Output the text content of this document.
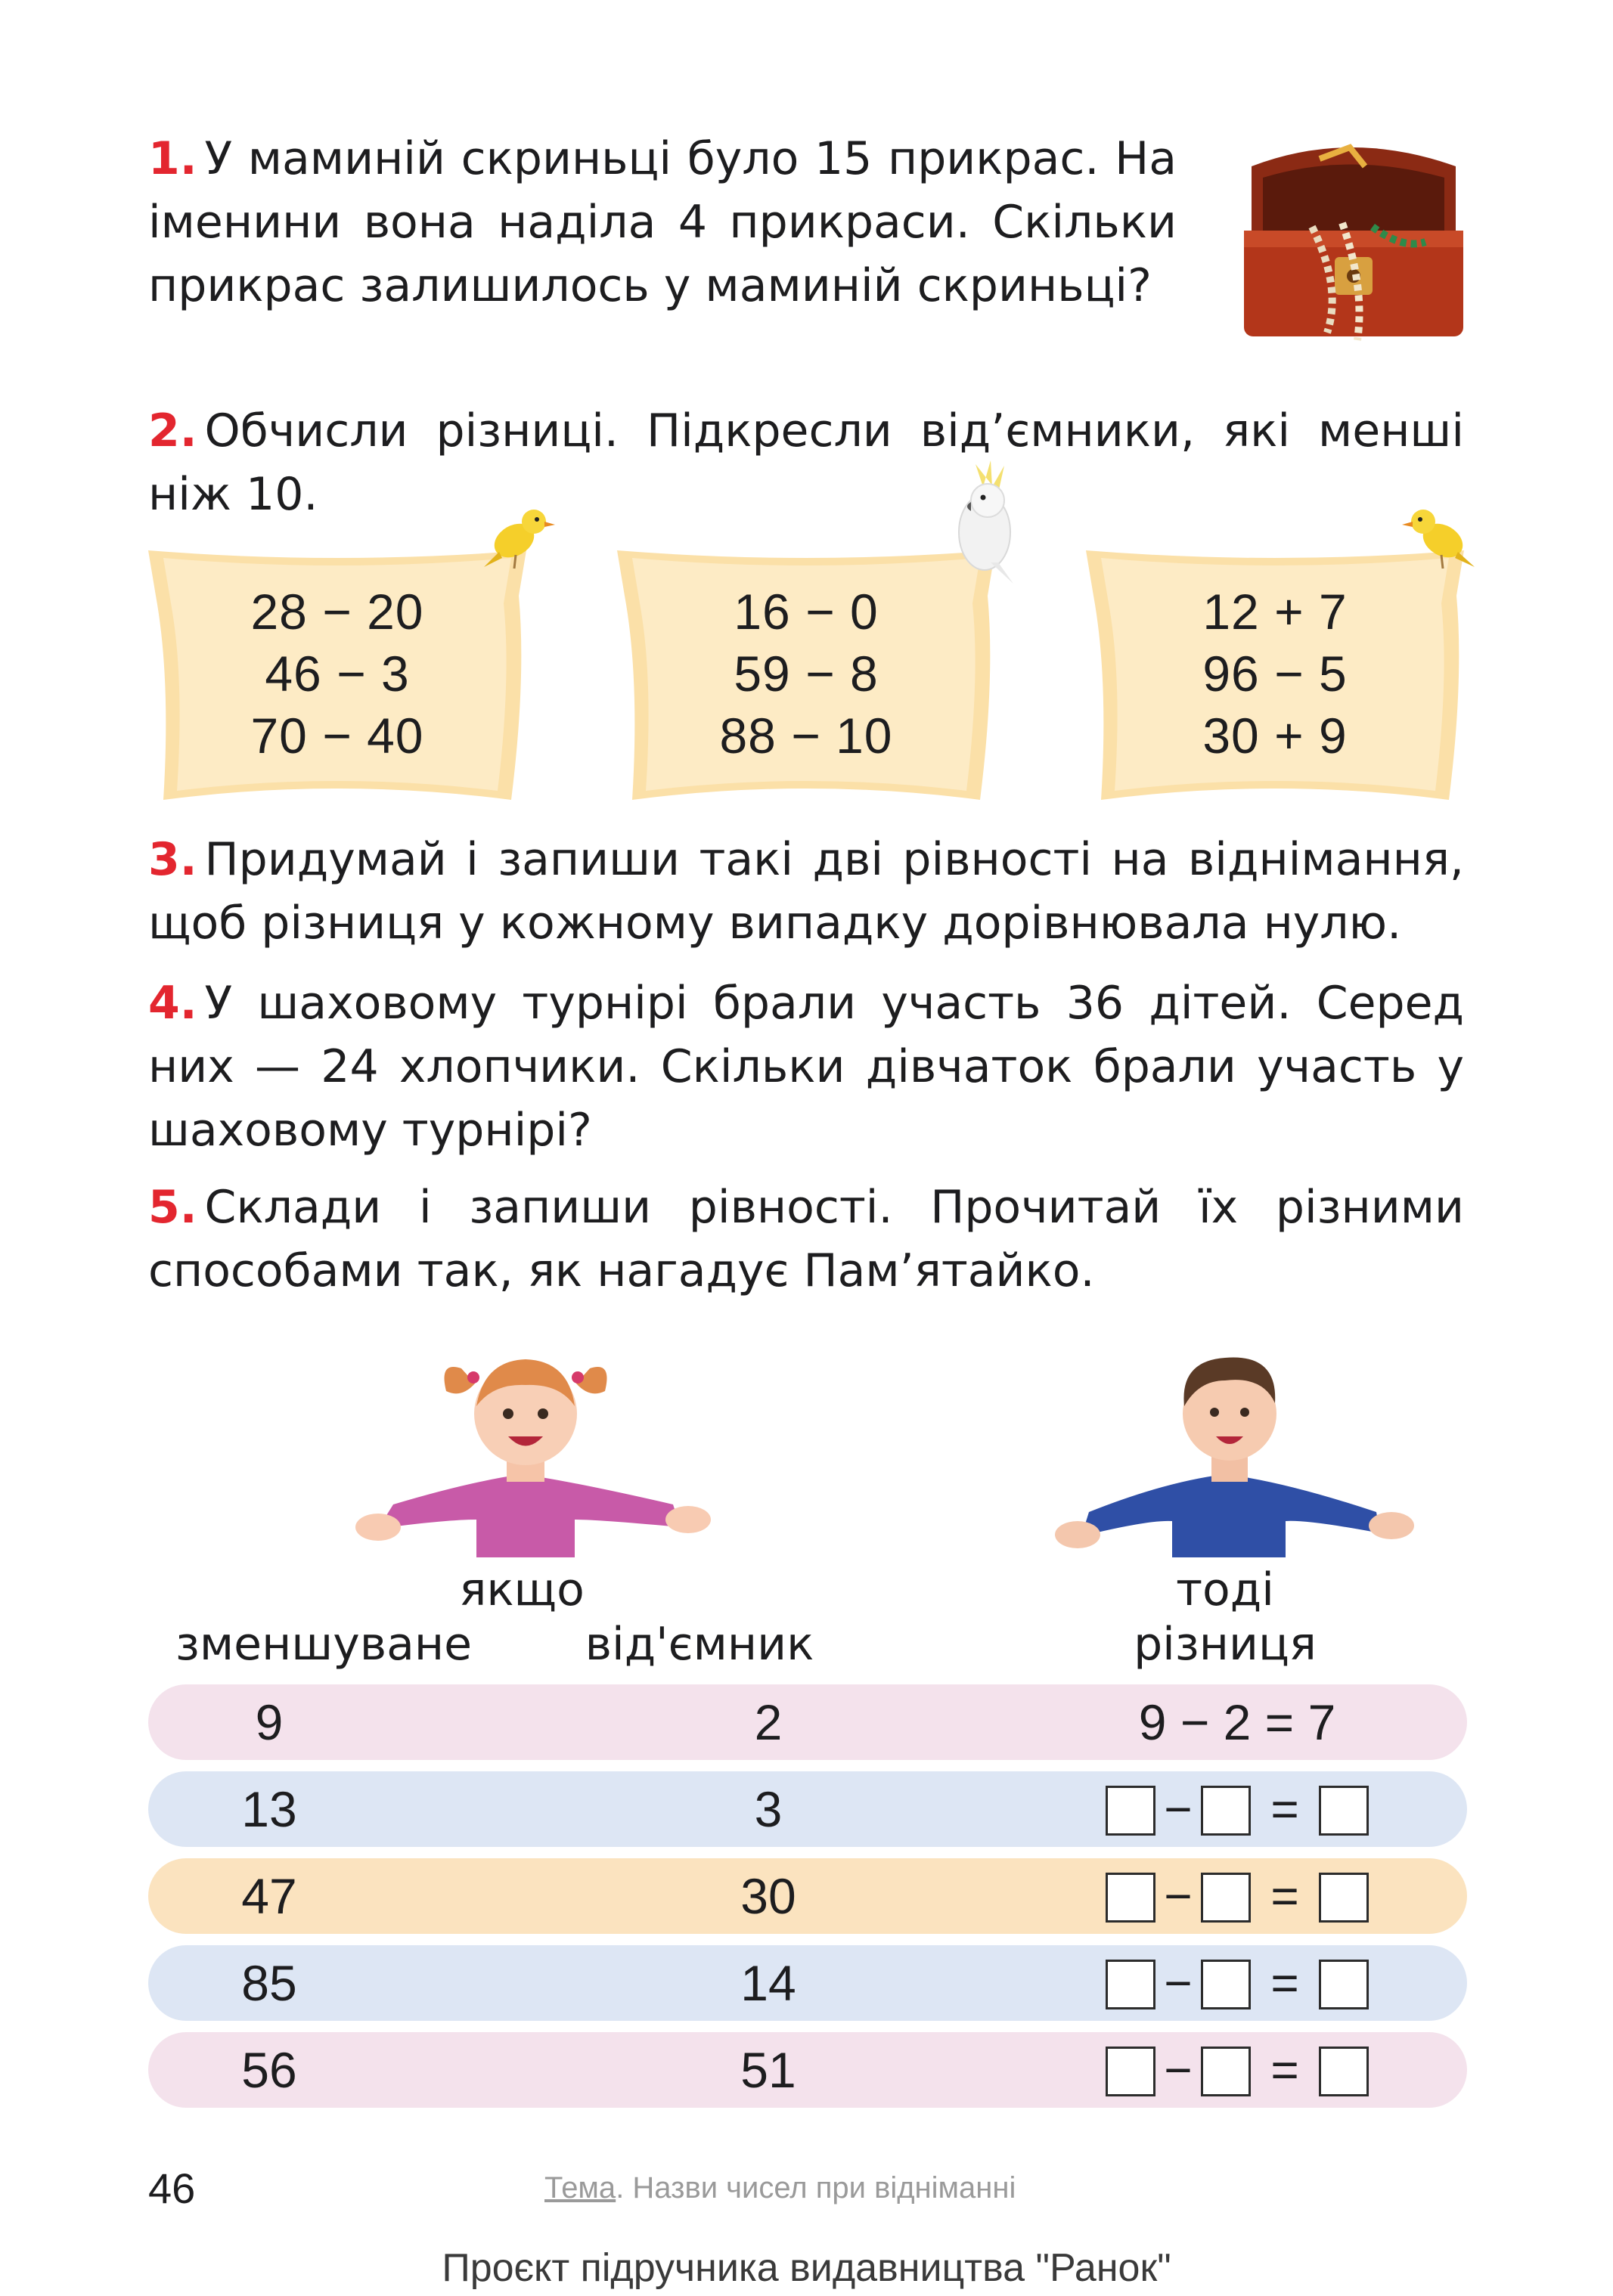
1. У маминій скриньці було 15 прикрас. На іменини вона наділа 4 прикраси. Скільки прикрас залишилось у маминій скриньці?
2. Обчисли різниці. Підкресли від’ємники, які менші ніж 10.
28 − 20
46 − 3
70 − 40
16 − 0
59 − 8
88 − 10
12 + 7
96 − 5
30 + 9
3. Придумай і запиши такі дві рівності на віднімання, щоб різниця у кожному випадку дорівнювала нулю.
4. У шаховому турнірі брали участь 36 дітей. Серед них — 24 хлопчики. Скільки дівчаток брали участь у шаховому турнірі?
5. Склади і запиши рівності. Прочитай їх різними способами так, як нагадує Пам’ятайко.
якщо
зменшуване	від'ємник
тоді
різниця
9	2	9 − 2 = 7
13	3	− =
47	30	− =
85	14	− =
56	51	− =
46	Тема. Назви чисел при відніманні
Проєкт підручника видавництва "Ранок"
